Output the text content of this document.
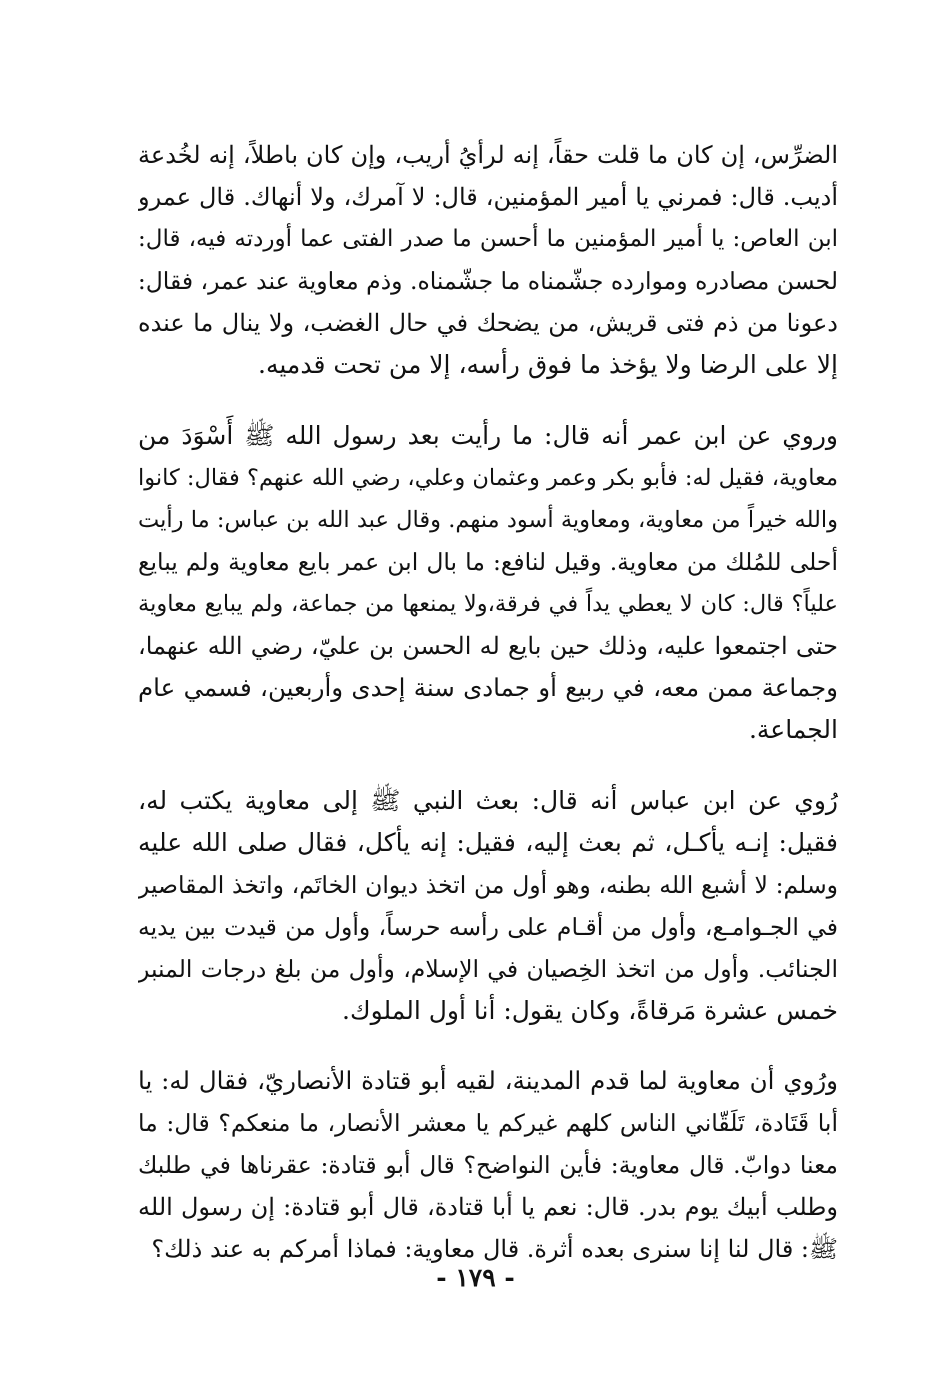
الضرِّس، إن كان ما قلت حقاً، إنه لرأيُ أريب، وإن كان باطلاً، إنه لخُدعة
أديب. قال: فمرني يا أمير المؤمنين، قال: لا آمرك، ولا أنهاك. قال عمرو
ابن العاص: يا أمير المؤمنين ما أحسن ما صدر الفتى عما أوردته فيه، قال:
لحسن مصادره وموارده جشّمناه ما جشّمناه. وذم معاوية عند عمر، فقال:
دعونا من ذم فتى قريش، من يضحك في حال الغضب، ولا ينال ما عنده
إلا على الرضا ولا يؤخذ ما فوق رأسه، إلا من تحت قدميه.
وروي عن ابن عمر أنه قال: ما رأيت بعد رسول الله ﷺ أَسْوَدَ من
معاوية، فقيل له: فأبو بكر وعمر وعثمان وعلي، رضي الله عنهم؟ فقال: كانوا
والله خيراً من معاوية، ومعاوية أسود منهم. وقال عبد الله بن عباس: ما رأيت
أحلى للمُلك من معاوية. وقيل لنافع: ما بال ابن عمر بايع معاوية ولم يبايع
علياً؟ قال: كان لا يعطي يداً في فرقة،ولا يمنعها من جماعة، ولم يبايع معاوية
حتى اجتمعوا عليه، وذلك حين بايع له الحسن بن عليّ، رضي الله عنهما،
وجماعة ممن معه، في ربيع أو جمادى سنة إحدى وأربعين، فسمي عام
الجماعة.
رُوي عن ابن عباس أنه قال: بعث النبي ﷺ إلى معاوية يكتب له،
فقيل: إنـه يأكـل، ثم بعث إليه، فقيل: إنه يأكل، فقال صلى الله عليه
وسلم: لا أشبع الله بطنه، وهو أول من اتخذ ديوان الخاتَم، واتخذ المقاصير
في الجـوامـع، وأول من أقـام على رأسه حرساً، وأول من قيدت بين يديه
الجنائب. وأول من اتخذ الخِصيان في الإسلام، وأول من بلغ درجات المنبر
خمس عشرة مَرقاةً، وكان يقول: أنا أول الملوك.
ورُوي أن معاوية لما قدم المدينة، لقيه أبو قتادة الأنصاريّ، فقال له: يا
أبا قَتَادة، تَلَقّاني الناس كلهم غيركم يا معشر الأنصار، ما منعكم؟ قال: ما
معنا دوابّ. قال معاوية: فأين النواضح؟ قال أبو قتادة: عقرناها في طلبك
وطلب أبيك يوم بدر. قال: نعم يا أبا قتادة، قال أبو قتادة: إن رسول الله
ﷺ: قال لنا إنا سنرى بعده أثرة. قال معاوية: فماذا أمركم به عند ذلك؟
- ١٧٩ -
